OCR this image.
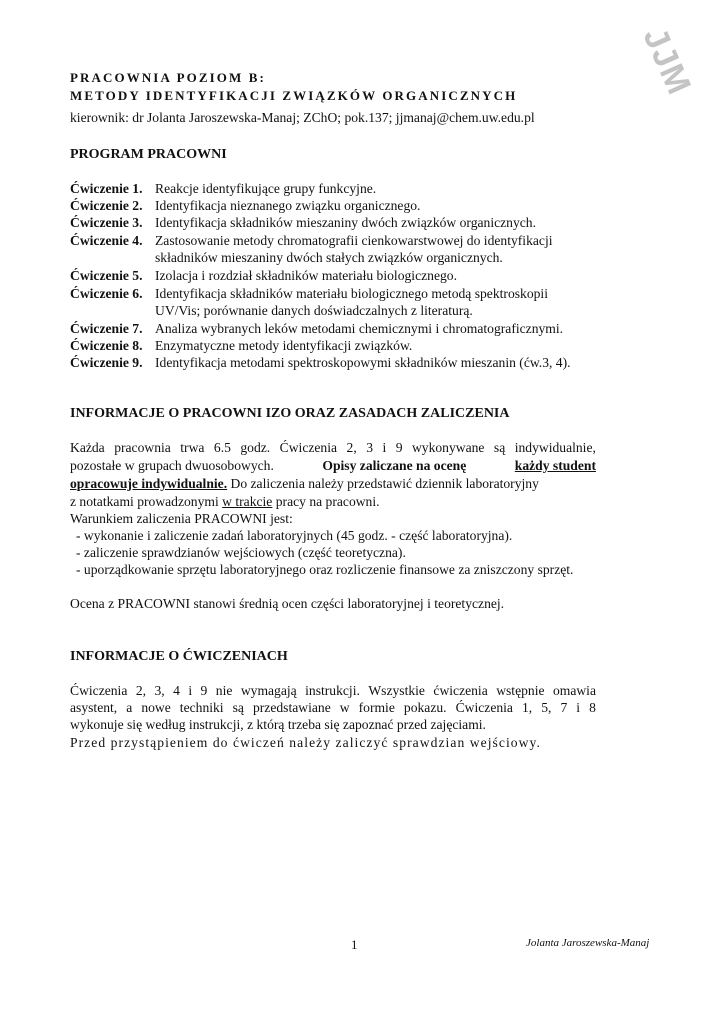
JJM
PRACOWNIA POZIOM B:
METODY IDENTYFIKACJI ZWIĄZKÓW ORGANICZNYCH
kierownik: dr Jolanta Jaroszewska-Manaj; ZChO; pok.137; jjmanaj@chem.uw.edu.pl
PROGRAM PRACOWNI
Ćwiczenie 1. Reakcje identyfikujące grupy funkcyjne.
Ćwiczenie 2. Identyfikacja nieznanego związku organicznego.
Ćwiczenie 3. Identyfikacja składników mieszaniny dwóch związków organicznych.
Ćwiczenie 4. Zastosowanie metody chromatografii cienkowarstwowej do identyfikacji
składników mieszaniny dwóch stałych związków organicznych.
Ćwiczenie 5. Izolacja i rozdział składników materiału biologicznego.
Ćwiczenie 6. Identyfikacja składników materiału biologicznego metodą spektroskopii
UV/Vis; porównanie danych doświadczalnych z literaturą.
Ćwiczenie 7. Analiza wybranych leków metodami chemicznymi i chromatograficznymi.
Ćwiczenie 8. Enzymatyczne metody identyfikacji związków.
Ćwiczenie 9. Identyfikacja metodami spektroskopowymi składników mieszanin (ćw.3, 4).
INFORMACJE O PRACOWNI IZO ORAZ ZASADACH ZALICZENIA
Każda pracownia trwa 6.5 godz. Ćwiczenia 2, 3 i 9 wykonywane są indywidualnie,
pozostałe w grupach dwuosobowych.	Opisy zaliczane na ocenę	każdy student
opracowuje indywidualnie. Do zaliczenia należy przedstawić dziennik laboratoryjny
z notatkami prowadzonymi w trakcie pracy na pracowni.
Warunkiem zaliczenia PRACOWNI jest:
- wykonanie i zaliczenie zadań laboratoryjnych (45 godz. - część laboratoryjna).
- zaliczenie sprawdzianów wejściowych (część teoretyczna).
- uporządkowanie sprzętu laboratoryjnego oraz rozliczenie finansowe za zniszczony sprzęt.
Ocena z PRACOWNI stanowi średnią ocen części laboratoryjnej i teoretycznej.
INFORMACJE O ĆWICZENIACH
Ćwiczenia 2, 3, 4 i 9 nie wymagają instrukcji. Wszystkie ćwiczenia wstępnie omawia
asystent, a nowe techniki są przedstawiane w formie pokazu. Ćwiczenia 1, 5, 7 i 8
wykonuje się według instrukcji, z którą trzeba się zapoznać przed zajęciami.
Przed przystąpieniem do ćwiczeń należy zaliczyć sprawdzian wejściowy.
1	Jolanta Jaroszewska-Manaj
